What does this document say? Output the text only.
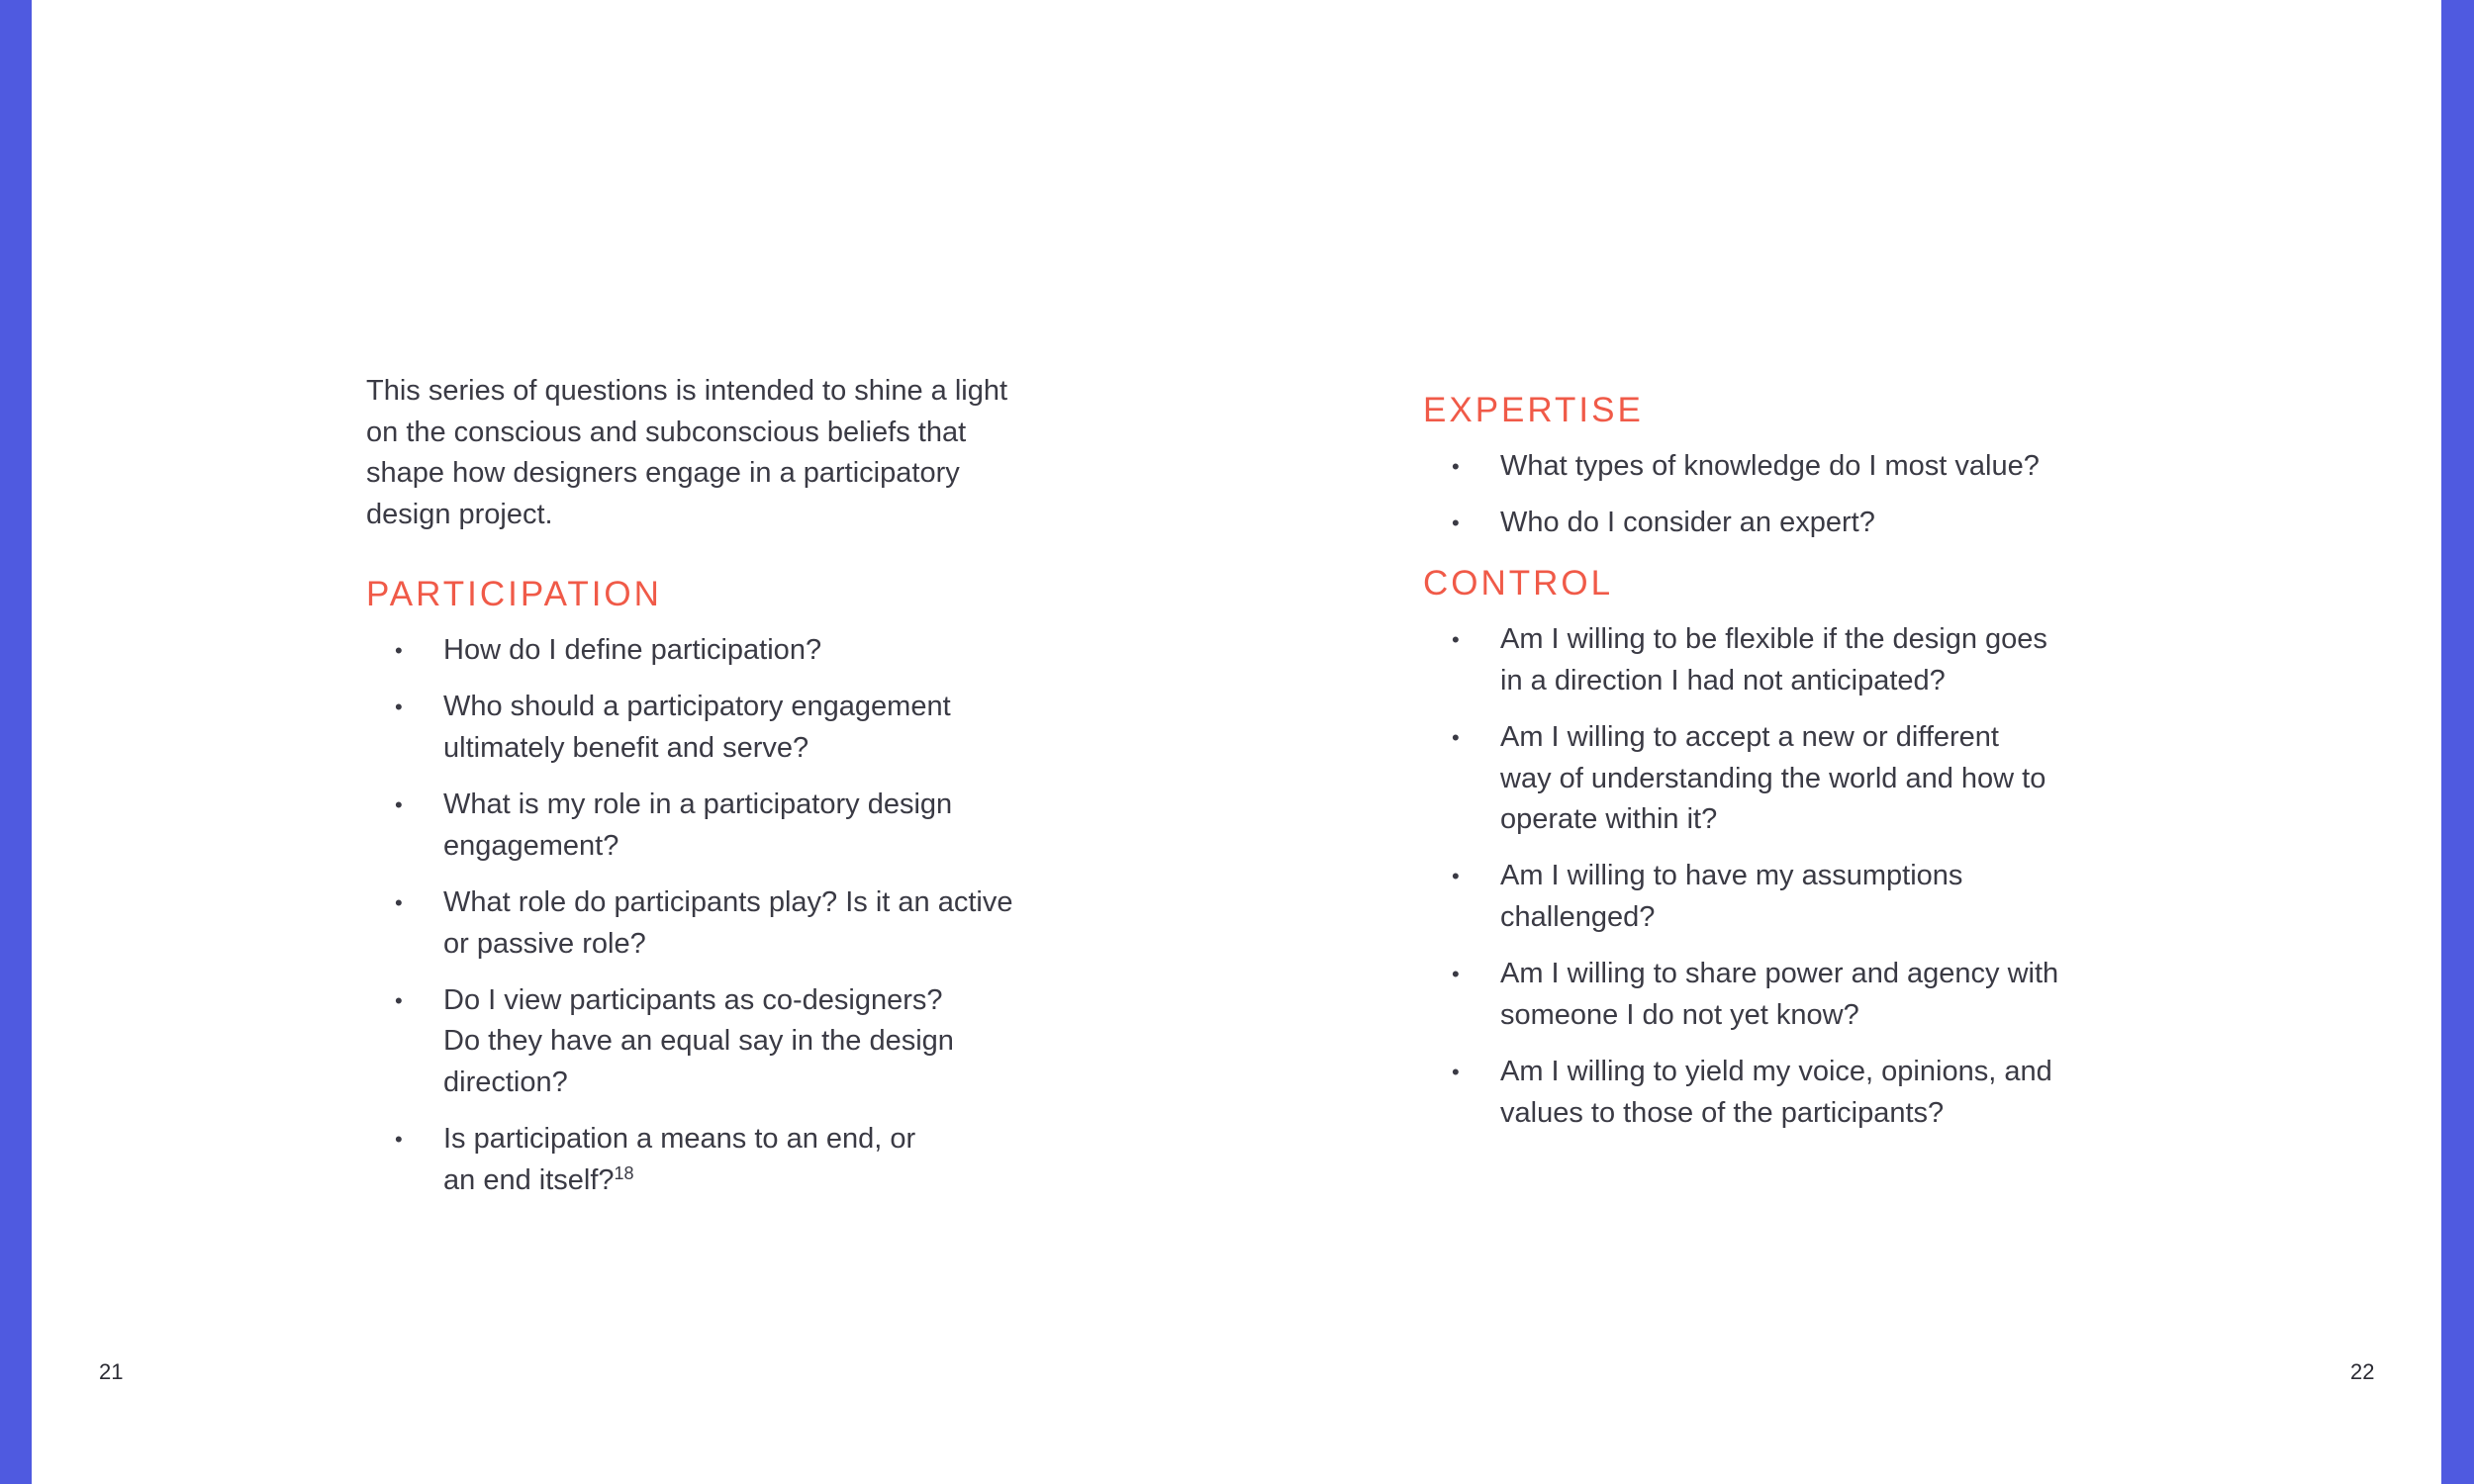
This series of questions is intended to shine a light
on the conscious and subconscious beliefs that
shape how designers engage in a participatory
design project.

PARTICIPATION
• How do I define participation?
• Who should a participatory engagement
ultimately benefit and serve?
• What is my role in a participatory design
engagement?
• What role do participants play? Is it an active
or passive role?
• Do I view participants as co-designers?
Do they have an equal say in the design
direction?
• Is participation a means to an end, or
an end itself?$^{18}$
EXPERTISE
• What types of knowledge do I most value?
• Who do I consider an expert?
CONTROL
• Am I willing to be flexible if the design goes
in a direction I had not anticipated?
• Am I willing to accept a new or different
way of understanding the world and how to
operate within it?
• Am I willing to have my assumptions
challenged?
• Am I willing to share power and agency with
someone I do not yet know?
• Am I willing to yield my voice, opinions, and
values to those of the participants?
21	22
